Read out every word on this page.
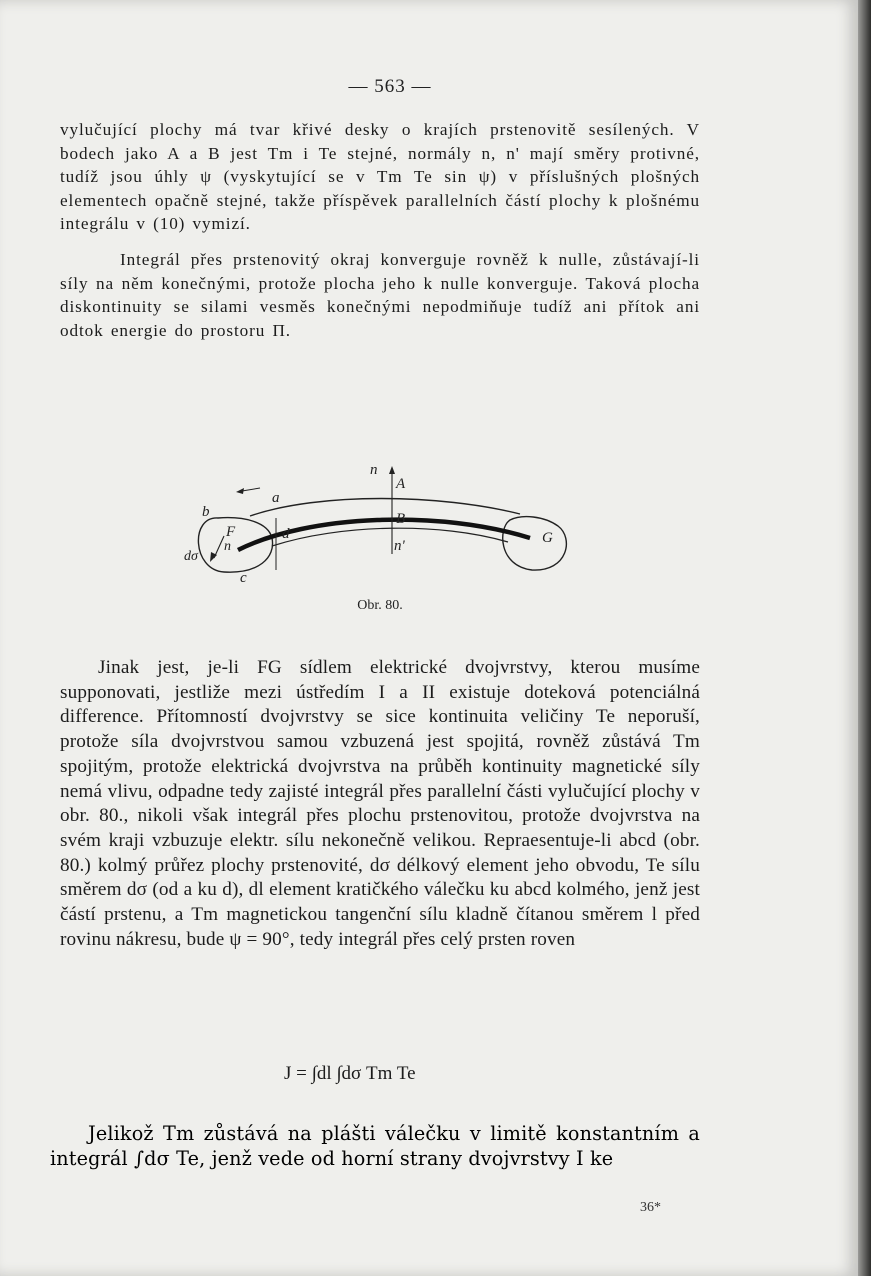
— 563 —

vylučující plochy má tvar křivé desky o krajích prstenovitě sesílených. V bodech jako A a B jest Tm i Te stejné, normály n, n' mají směry protivné, tudíž jsou úhly ψ (vyskytující se v Tm Te sin ψ) v příslušných plošných elementech opačně stejné, takže příspěvek parallelních částí plochy k plošnému integrálu v (10) vymizí.

Integrál přes prstenovitý okraj konverguje rovněž k nulle, zůstávají-li síly na něm konečnými, protože plocha jeho k nulle konverguje. Taková plocha diskontinuity se silami vesměs konečnými nepodmiňuje tudíž ani přítok ani odtok energie do prostoru Π.

n
A
B
n'
a
b
c
d
F	G
n
dσ
Obr. 80.

Jinak jest, je-li FG sídlem elektrické dvojvrstvy, kterou musíme supponovati, jestliže mezi ústředím I a II existuje doteková potenciálná difference. Přítomností dvojvrstvy se sice kontinuita veličiny Te neporuší, protože síla dvojvrstvou samou vzbuzená jest spojitá, rovněž zůstává Tm spojitým, protože elektrická dvojvrstva na průběh kontinuity magnetické síly nemá vlivu, odpadne tedy zajisté integrál přes parallelní části vylučující plochy v obr. 80., nikoli však integrál přes plochu prstenovitou, protože dvojvrstva na svém kraji vzbuzuje elektr. sílu nekonečně velikou. Repraesentuje-li abcd (obr. 80.) kolmý průřez plochy prstenovité, dσ délkový element jeho obvodu, Te sílu směrem dσ (od a ku d), dl element kratičkého válečku ku abcd kolmého, jenž jest částí prstenu, a Tm magnetickou tangenční sílu kladně čítanou směrem l před rovinu nákresu, bude ψ = 90°, tedy integrál přes celý prsten roven

J = ∫dl ∫dσ Tm Te

Jelikož Tm zůstává na plášti válečku v limitě konstantním a integrál ∫dσ Te, jenž vede od horní strany dvojvrstvy I ke

36*
